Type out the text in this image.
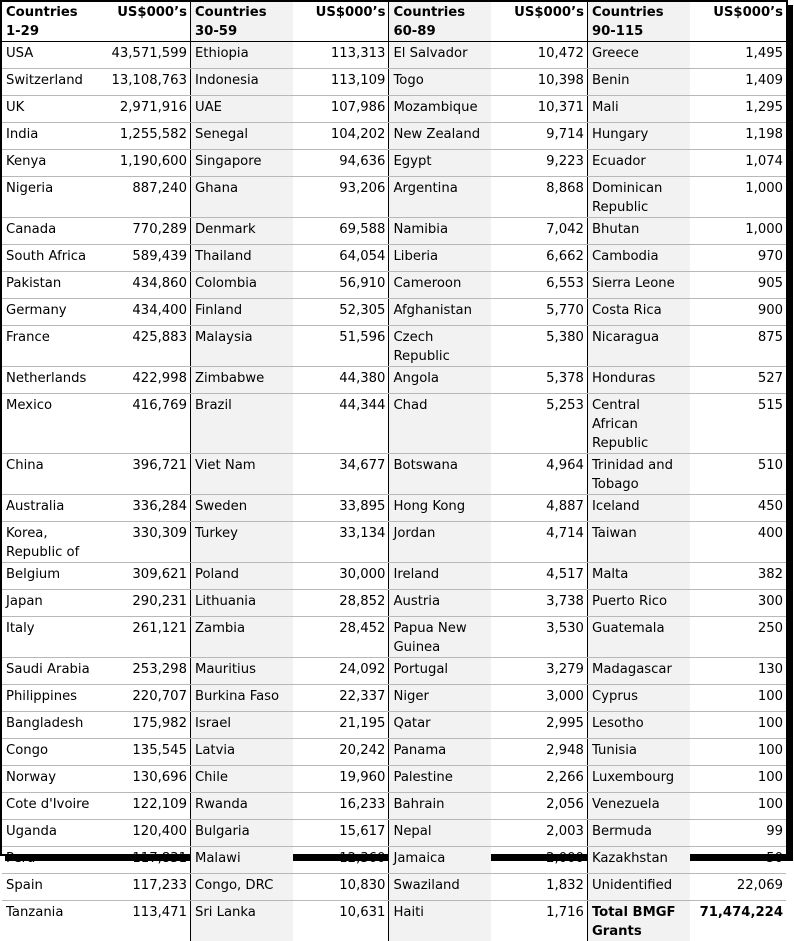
Countries 1-29	US$000’s	Countries 30-59	US$000’s	Countries 60-89	US$000’s	Countries 90-115	US$000’s
USA	43,571,599	Ethiopia	113,313	El Salvador	10,472	Greece	1,495
Switzerland	13,108,763	Indonesia	113,109	Togo	10,398	Benin	1,409
UK	2,971,916	UAE	107,986	Mozambique	10,371	Mali	1,295
India	1,255,582	Senegal	104,202	New Zealand	9,714	Hungary	1,198
Kenya	1,190,600	Singapore	94,636	Egypt	9,223	Ecuador	1,074
Nigeria	887,240	Ghana	93,206	Argentina	8,868	Dominican Republic	1,000
Canada	770,289	Denmark	69,588	Namibia	7,042	Bhutan	1,000
South Africa	589,439	Thailand	64,054	Liberia	6,662	Cambodia	970
Pakistan	434,860	Colombia	56,910	Cameroon	6,553	Sierra Leone	905
Germany	434,400	Finland	52,305	Afghanistan	5,770	Costa Rica	900
France	425,883	Malaysia	51,596	Czech Republic	5,380	Nicaragua	875
Netherlands	422,998	Zimbabwe	44,380	Angola	5,378	Honduras	527
Mexico	416,769	Brazil	44,344	Chad	5,253	Central African Republic	515
China	396,721	Viet Nam	34,677	Botswana	4,964	Trinidad and Tobago	510
Australia	336,284	Sweden	33,895	Hong Kong	4,887	Iceland	450
Korea, Republic of	330,309	Turkey	33,134	Jordan	4,714	Taiwan	400
Belgium	309,621	Poland	30,000	Ireland	4,517	Malta	382
Japan	290,231	Lithuania	28,852	Austria	3,738	Puerto Rico	300
Italy	261,121	Zambia	28,452	Papua New Guinea	3,530	Guatemala	250
Saudi Arabia	253,298	Mauritius	24,092	Portugal	3,279	Madagascar	130
Philippines	220,707	Burkina Faso	22,337	Niger	3,000	Cyprus	100
Bangladesh	175,982	Israel	21,195	Qatar	2,995	Lesotho	100
Congo	135,545	Latvia	20,242	Panama	2,948	Tunisia	100
Norway	130,696	Chile	19,960	Palestine	2,266	Luxembourg	100
Cote d'Ivoire	122,109	Rwanda	16,233	Bahrain	2,056	Venezuela	100
Uganda	120,400	Bulgaria	15,617	Nepal	2,003	Bermuda	99
Peru	117,831	Malawi	12,360	Jamaica	2,000	Kazakhstan	50
Spain	117,233	Congo, DRC	10,830	Swaziland	1,832	Unidentified	22,069
Tanzania	113,471	Sri Lanka	10,631	Haiti	1,716	Total BMGF Grants	71,474,224
